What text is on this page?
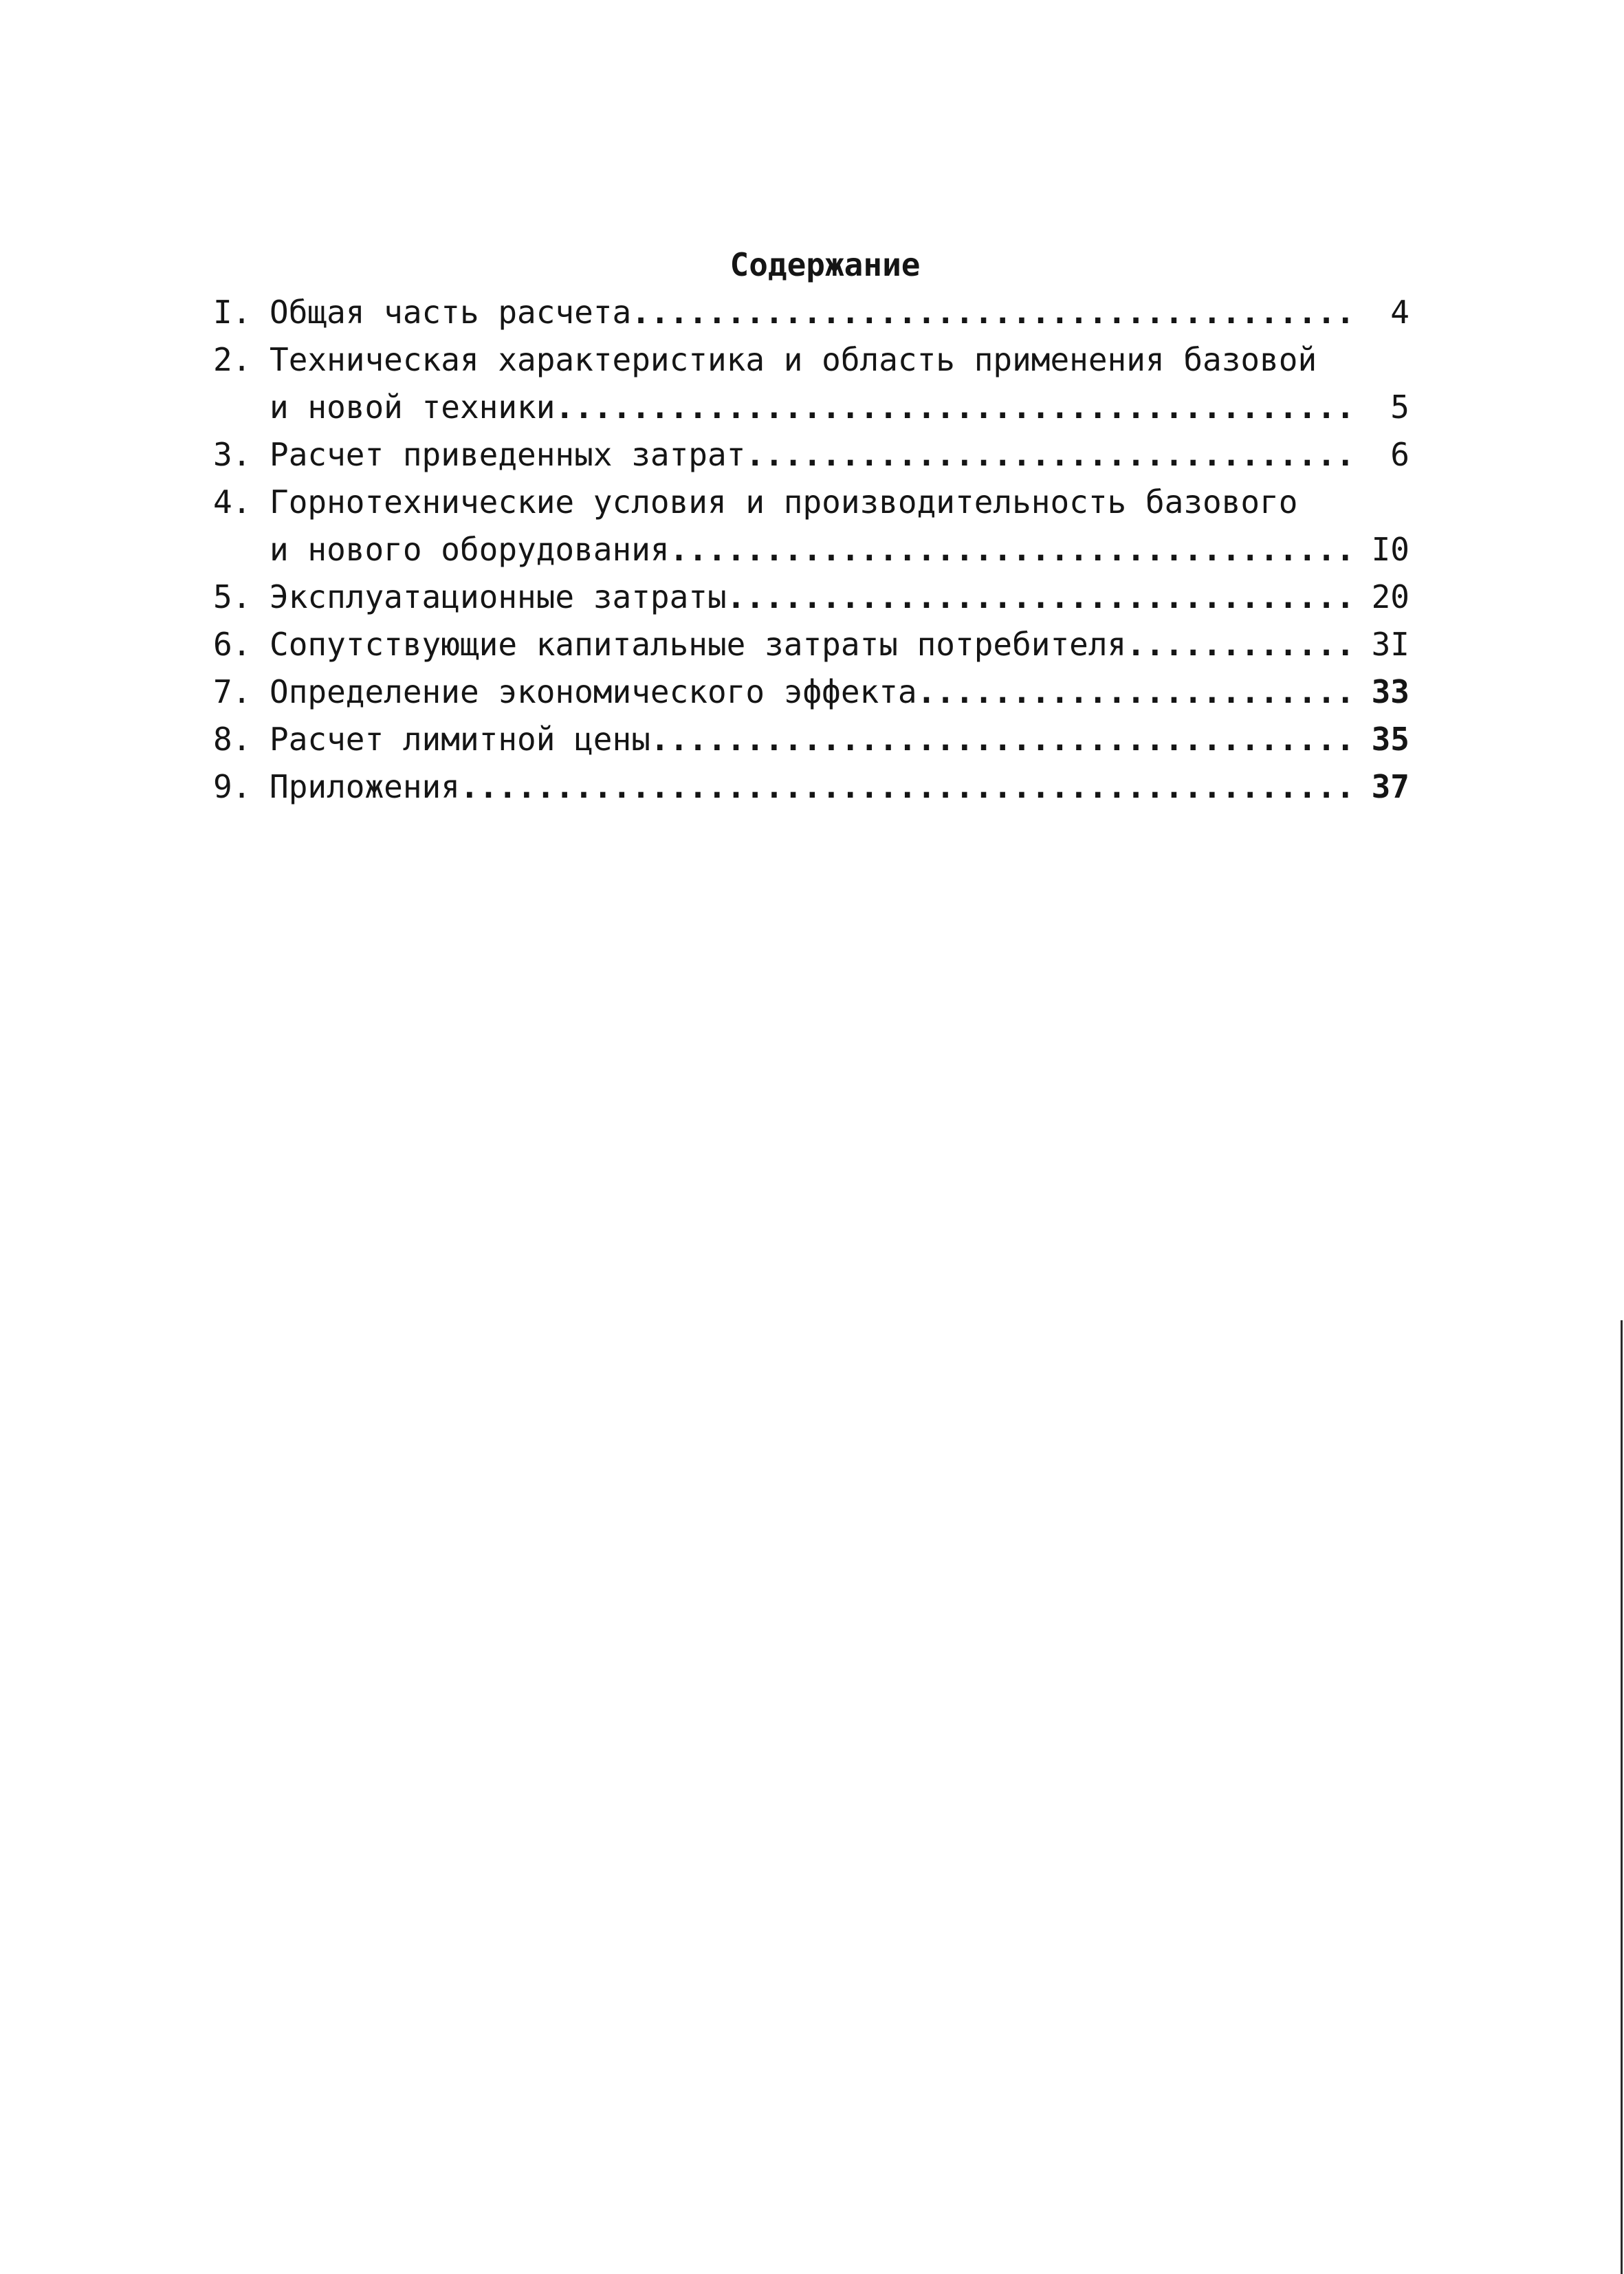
Содержание
I. Общая часть расчета .....	4
2. Техническая характеристика и область применения базовой
и новой техники .....	5
3. Расчет приведенных затрат .....	6
4. Горнотехнические условия и производительность базового
и нового оборудования .....	I0
5. Эксплуатационные затраты .....	20
6. Сопутствующие капитальные затраты потребителя .....	3I
7. Определение экономического эффекта .....	33
8. Расчет лимитной цены .....	35
9. Приложения .....	37
